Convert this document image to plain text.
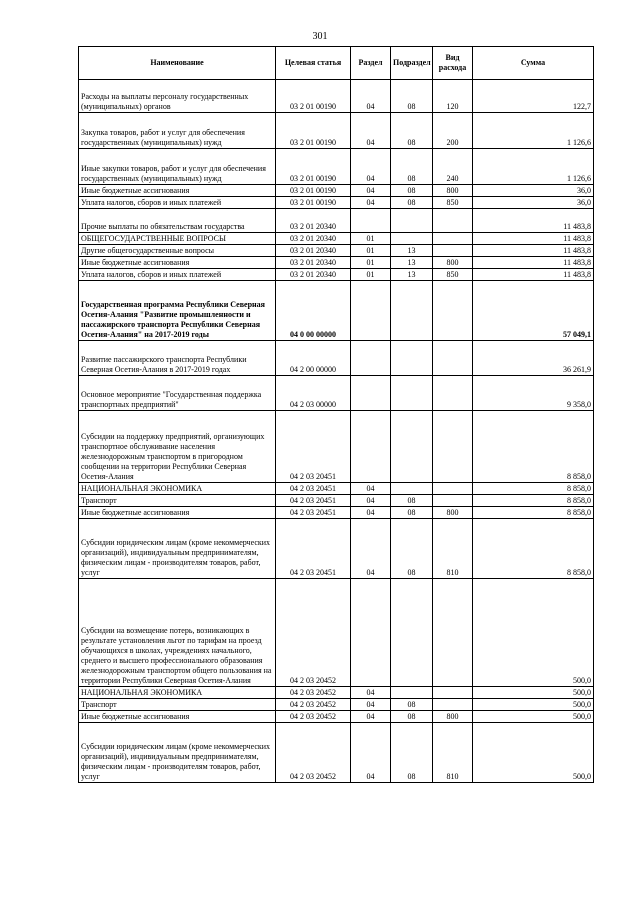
301
Наименование	Целевая статья	Раздел	Подраздел	Вид расхода	Сумма
Расходы на выплаты персоналу государственных (муниципальных) органов	03 2 01 00190	04	08	120	122,7
Закупка товаров, работ и услуг для обеспечения государственных (муниципальных) нужд	03 2 01 00190	04	08	200	1 126,6
Иные закупки товаров, работ и услуг для обеспечения государственных (муниципальных) нужд	03 2 01 00190	04	08	240	1 126,6
Иные бюджетные ассигнования	03 2 01 00190	04	08	800	36,0
Уплата налогов, сборов и иных платежей	03 2 01 00190	04	08	850	36,0
Прочие выплаты по обязательствам государства	03 2 01 20340				11 483,8
ОБЩЕГОСУДАРСТВЕННЫЕ ВОПРОСЫ	03 2 01 20340	01			11 483,8
Другие общегосударственные вопросы	03 2 01 20340	01	13		11 483,8
Иные бюджетные ассигнования	03 2 01 20340	01	13	800	11 483,8
Уплата налогов, сборов и иных платежей	03 2 01 20340	01	13	850	11 483,8
Государственная программа Республики Северная Осетия-Алания "Развитие промышленности и пассажирского транспорта Республики Северная Осетия-Алания" на 2017-2019 годы	04 0 00 00000				57 049,1
Развитие пассажирского транспорта Республики Северная Осетия-Алания в 2017-2019 годах	04 2 00 00000				36 261,9
Основное мероприятие "Государственная поддержка транспортных предприятий"	04 2 03 00000				9 358,0
Субсидии на поддержку предприятий, организующих транспортное обслуживание населения железнодорожным транспортом в пригородном сообщении на территории Республики Северная Осетия-Алания	04 2 03 20451				8 858,0
НАЦИОНАЛЬНАЯ ЭКОНОМИКА	04 2 03 20451	04			8 858,0
Транспорт	04 2 03 20451	04	08		8 858,0
Иные бюджетные ассигнования	04 2 03 20451	04	08	800	8 858,0
Субсидии юридическим лицам (кроме некоммерческих организаций), индивидуальным предпринимателям, физическим лицам - производителям товаров, работ, услуг	04 2 03 20451	04	08	810	8 858,0
Субсидии на возмещение потерь, возникающих в результате установления льгот по тарифам на проезд обучающихся в школах, учреждениях начального, среднего и высшего профессионального образования железнодорожным транспортом общего пользования на территории Республики Северная Осетия-Алания	04 2 03 20452				500,0
НАЦИОНАЛЬНАЯ ЭКОНОМИКА	04 2 03 20452	04			500,0
Транспорт	04 2 03 20452	04	08		500,0
Иные бюджетные ассигнования	04 2 03 20452	04	08	800	500,0
Субсидии юридическим лицам (кроме некоммерческих организаций), индивидуальным предпринимателям, физическим лицам - производителям товаров, работ, услуг	04 2 03 20452	04	08	810	500,0
